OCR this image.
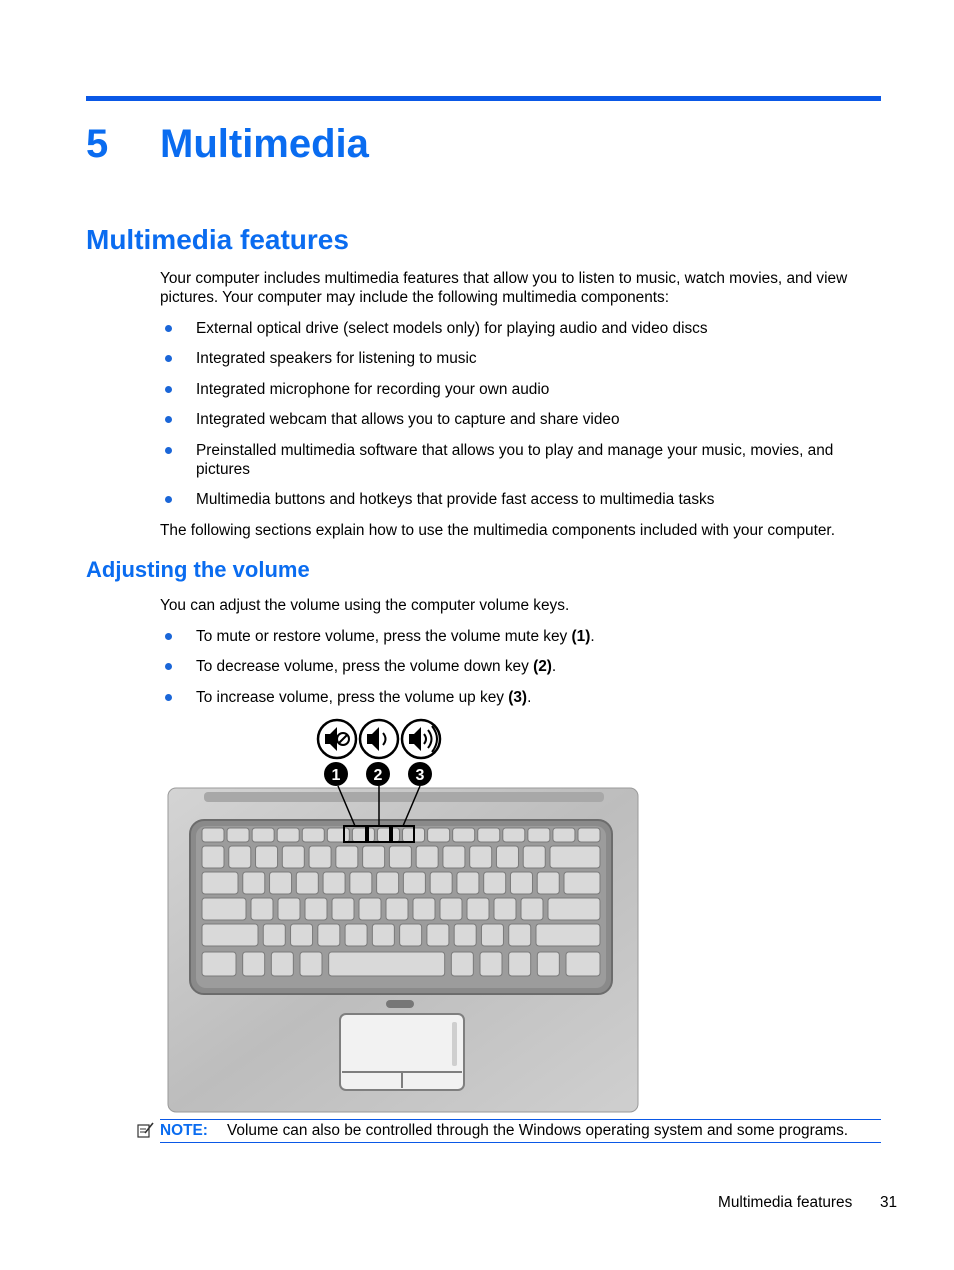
5 Multimedia
Multimedia features
Your computer includes multimedia features that allow you to listen to music, watch movies, and view pictures. Your computer may include the following multimedia components:
External optical drive (select models only) for playing audio and video discs
Integrated speakers for listening to music
Integrated microphone for recording your own audio
Integrated webcam that allows you to capture and share video
Preinstalled multimedia software that allows you to play and manage your music, movies, and pictures
Multimedia buttons and hotkeys that provide fast access to multimedia tasks
The following sections explain how to use the multimedia components included with your computer.
Adjusting the volume
You can adjust the volume using the computer volume keys.
To mute or restore volume, press the volume mute key (1).
To decrease volume, press the volume down key (2).
To increase volume, press the volume up key (3).
1 2 3
NOTE: Volume can also be controlled through the Windows operating system and some programs.
Multimedia features 31
